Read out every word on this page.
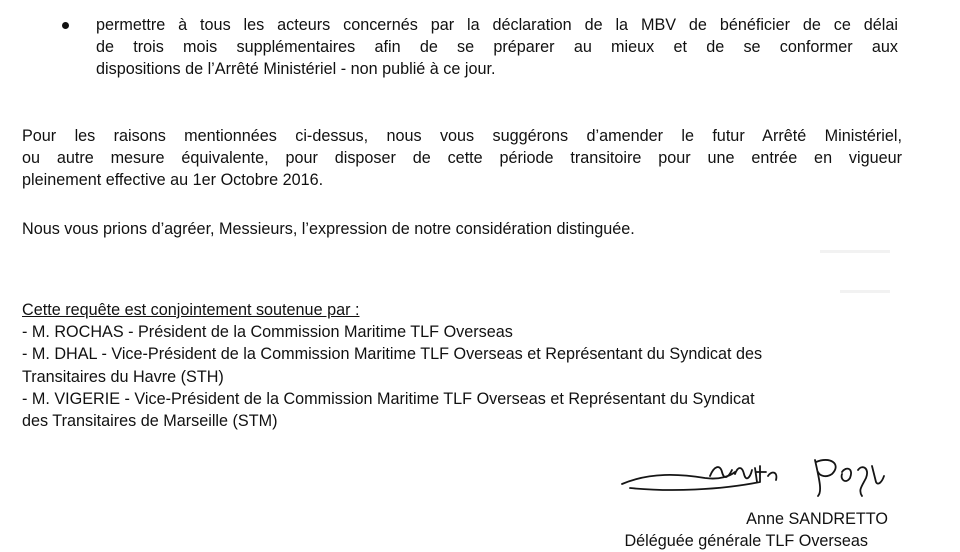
permettre à tous les acteurs concernés par la déclaration de la MBV de bénéficier de ce délai
de trois mois supplémentaires afin de se préparer au mieux et de se conformer aux
dispositions de l’Arrêté Ministériel - non publié à ce jour.
Pour les raisons mentionnées ci-dessus, nous vous suggérons d’amender le futur Arrêté Ministériel,
ou autre mesure équivalente, pour disposer de cette période transitoire pour une entrée en vigueur
pleinement effective au 1er Octobre 2016.
Nous vous prions d’agréer, Messieurs, l’expression de notre considération distinguée.
Cette requête est conjointement soutenue par :
- M. ROCHAS - Président de la Commission Maritime TLF Overseas
- M. DHAL - Vice-Président de la Commission Maritime TLF Overseas et Représentant du Syndicat des
Transitaires du Havre (STH)
- M. VIGERIE - Vice-Président de la Commission Maritime TLF Overseas et Représentant du Syndicat
des Transitaires de Marseille (STM)
Anne SANDRETTO
Déléguée générale TLF Overseas
